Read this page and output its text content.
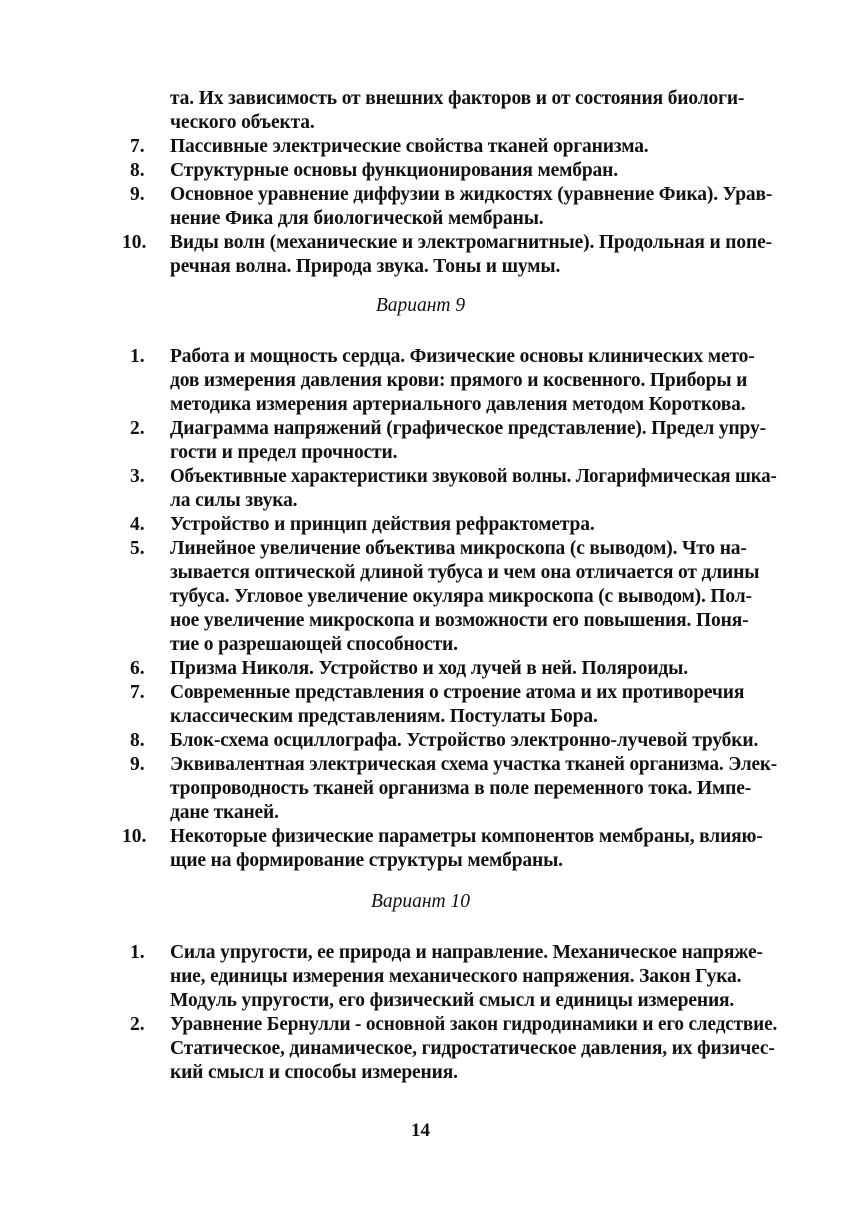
та. Их зависимость от внешних факторов и от состояния биологи-
ческого объекта.
7. Пассивные электрические свойства тканей организма.
8. Структурные основы функционирования мембран.
9. Основное уравнение диффузии в жидкостях (уравнение Фика). Урав-
нение Фика для биологической мембраны.
10. Виды волн (механические и электромагнитные). Продольная и попе-
речная волна. Природа звука. Тоны и шумы.
Вариант 9
1. Работа и мощность сердца. Физические основы клинических мето-
дов измерения давления крови: прямого и косвенного. Приборы и
методика измерения артериального давления методом Короткова.
2. Диаграмма напряжений (графическое представление). Предел упру-
гости и предел прочности.
3. Объективные характеристики звуковой волны. Логарифмическая шка-
ла силы звука.
4. Устройство и принцип действия рефрактометра.
5. Линейное увеличение объектива микроскопа (с выводом). Что на-
зывается оптической длиной тубуса и чем она отличается от длины
тубуса. Угловое увеличение окуляра микроскопа (с выводом). Пол-
ное увеличение микроскопа и возможности его повышения. Поня-
тие о разрешающей способности.
6. Призма Николя. Устройство и ход лучей в ней. Поляроиды.
7. Современные представления о строение атома и их противоречия
классическим представлениям. Постулаты Бора.
8. Блок-схема осциллографа. Устройство электронно-лучевой трубки.
9. Эквивалентная электрическая схема участка тканей организма. Элек-
тропроводность тканей организма в поле переменного тока. Импе-
дане тканей.
10. Некоторые физические параметры компонентов мембраны, влияю-
щие на формирование структуры мембраны.
Вариант 10
1. Сила упругости, ее природа и направление. Механическое напряже-
ние, единицы измерения механического напряжения. Закон Гука.
Модуль упругости, его физический смысл и единицы измерения.
2. Уравнение Бернулли - основной закон гидродинамики и его следствие.
Статическое, динамическое, гидростатическое давления, их физичес-
кий смысл и способы измерения.
14
